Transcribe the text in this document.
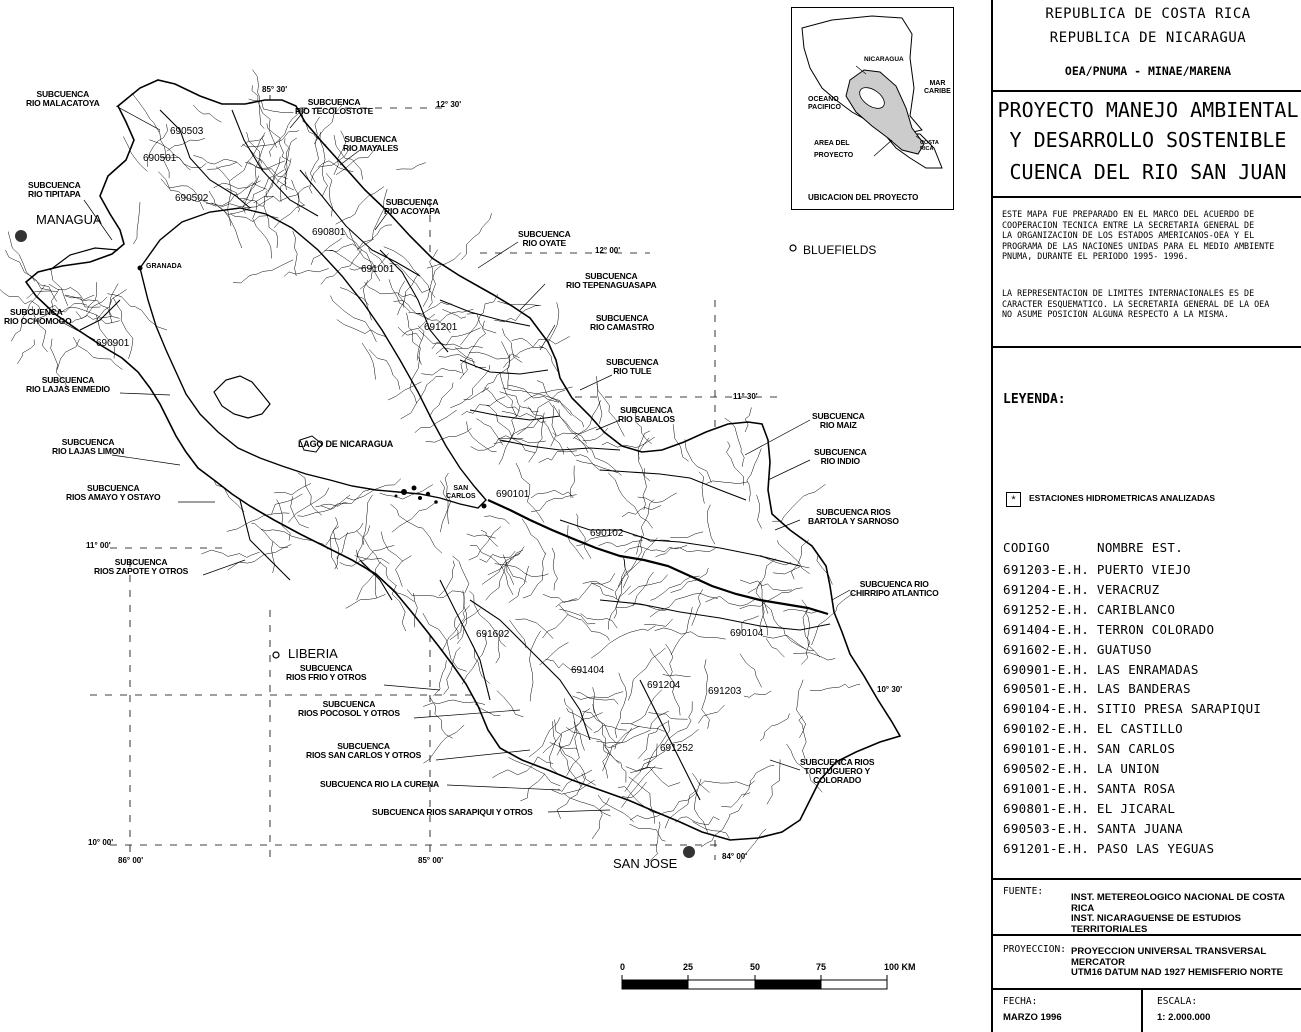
0	25	50	75	100 KM
85° 30'
12° 30'
12° 00'
11° 30'
11° 00'
10° 30'
10° 00'
86° 00'	85° 00'	84° 00'
MANAGUA
GRANADA
BLUEFIELDS
LIBERIA
SAN JOSE
SAN
CARLOS
LAGO DE NICARAGUA
SUBCUENCA
RIO MALACATOYA	SUBCUENCA
RIO TECOLOSTOTE
SUBCUENCA
RIO MAYALES
SUBCUENCA
RIO TIPITAPA
SUBCUENCA
RIO ACOYAPA
SUBCUENCA
RIO OYATE
SUBCUENCA
RIO TEPENAGUASAPA
SUBCUENCA
RIO OCHOMOGO	SUBCUENCA
RIO CAMASTRO
SUBCUENCA
RIO TULE
SUBCUENCA
RIO LAJAS ENMEDIO
SUBCUENCA
RIO SABALOS	SUBCUENCA
RIO MAIZ
SUBCUENCA
RIO LAJAS LIMON	SUBCUENCA
RIO INDIO
SUBCUENCA
RIOS AMAYO Y OSTAYO
SUBCUENCA RIOS
BARTOLA Y SARNOSO
SUBCUENCA
RIOS ZAPOTE Y OTROS
SUBCUENCA RIO
CHIRRIPO ATLANTICO
SUBCUENCA
RIOS FRIO Y OTROS
SUBCUENCA
RIOS POCOSOL Y OTROS
SUBCUENCA
RIOS SAN CARLOS Y OTROS
SUBCUENCA RIOS
TORTUGUERO Y
COLORADO
SUBCUENCA RIO LA CURENA
SUBCUENCA RIOS SARAPIQUI Y OTROS
690503
690501
690502
690801
691001
691201
690901
690101
690102
691602
691404
691204
691203
690104
691252
NICARAGUA
MAR
CARIBE
OCEANO
PACIFICO
COSTA
RICA
AREA DEL
PROYECTO
UBICACION DEL PROYECTO
REPUBLICA DE COSTA RICA
REPUBLICA DE NICARAGUA
OEA/PNUMA - MINAE/MARENA
PROYECTO MANEJO AMBIENTAL
Y DESARROLLO SOSTENIBLE
CUENCA DEL RIO SAN JUAN
ESTE MAPA FUE PREPARADO EN EL MARCO DEL ACUERDO DE
COOPERACION TECNICA ENTRE LA SECRETARIA GENERAL DE
LA ORGANIZACION DE LOS ESTADOS AMERICANOS-OEA Y EL
PROGRAMA DE LAS NACIONES UNIDAS PARA EL MEDIO AMBIENTE
PNUMA, DURANTE EL PERIODO 1995- 1996.
LA REPRESENTACION DE LIMITES INTERNACIONALES ES DE
CARACTER ESQUEMATICO. LA SECRETARIA GENERAL DE LA OEA
NO ASUME POSICION ALGUNA RESPECTO A LA MISMA.
LEYENDA:
*	ESTACIONES HIDROMETRICAS ANALIZADAS
CODIGO	NOMBRE EST.
691203-E.H. PUERTO VIEJO
691204-E.H. VERACRUZ
691252-E.H. CARIBLANCO
691404-E.H. TERRON COLORADO
691602-E.H. GUATUSO
690901-E.H. LAS ENRAMADAS
690501-E.H. LAS BANDERAS
690104-E.H. SITIO PRESA SARAPIQUI
690102-E.H. EL CASTILLO
690101-E.H. SAN CARLOS
690502-E.H. LA UNION
691001-E.H. SANTA ROSA
690801-E.H. EL JICARAL
690503-E.H. SANTA JUANA
691201-E.H. PASO LAS YEGUAS
FUENTE:
INST. METEREOLOGICO NACIONAL DE COSTA RICA
INST. NICARAGUENSE DE ESTUDIOS TERRITORIALES
PROYECCION: PROYECCION UNIVERSAL TRANSVERSAL MERCATOR
UTM16 DATUM NAD 1927 HEMISFERIO NORTE
FECHA:
MARZO 1996
ESCALA:
1: 2.000.000
